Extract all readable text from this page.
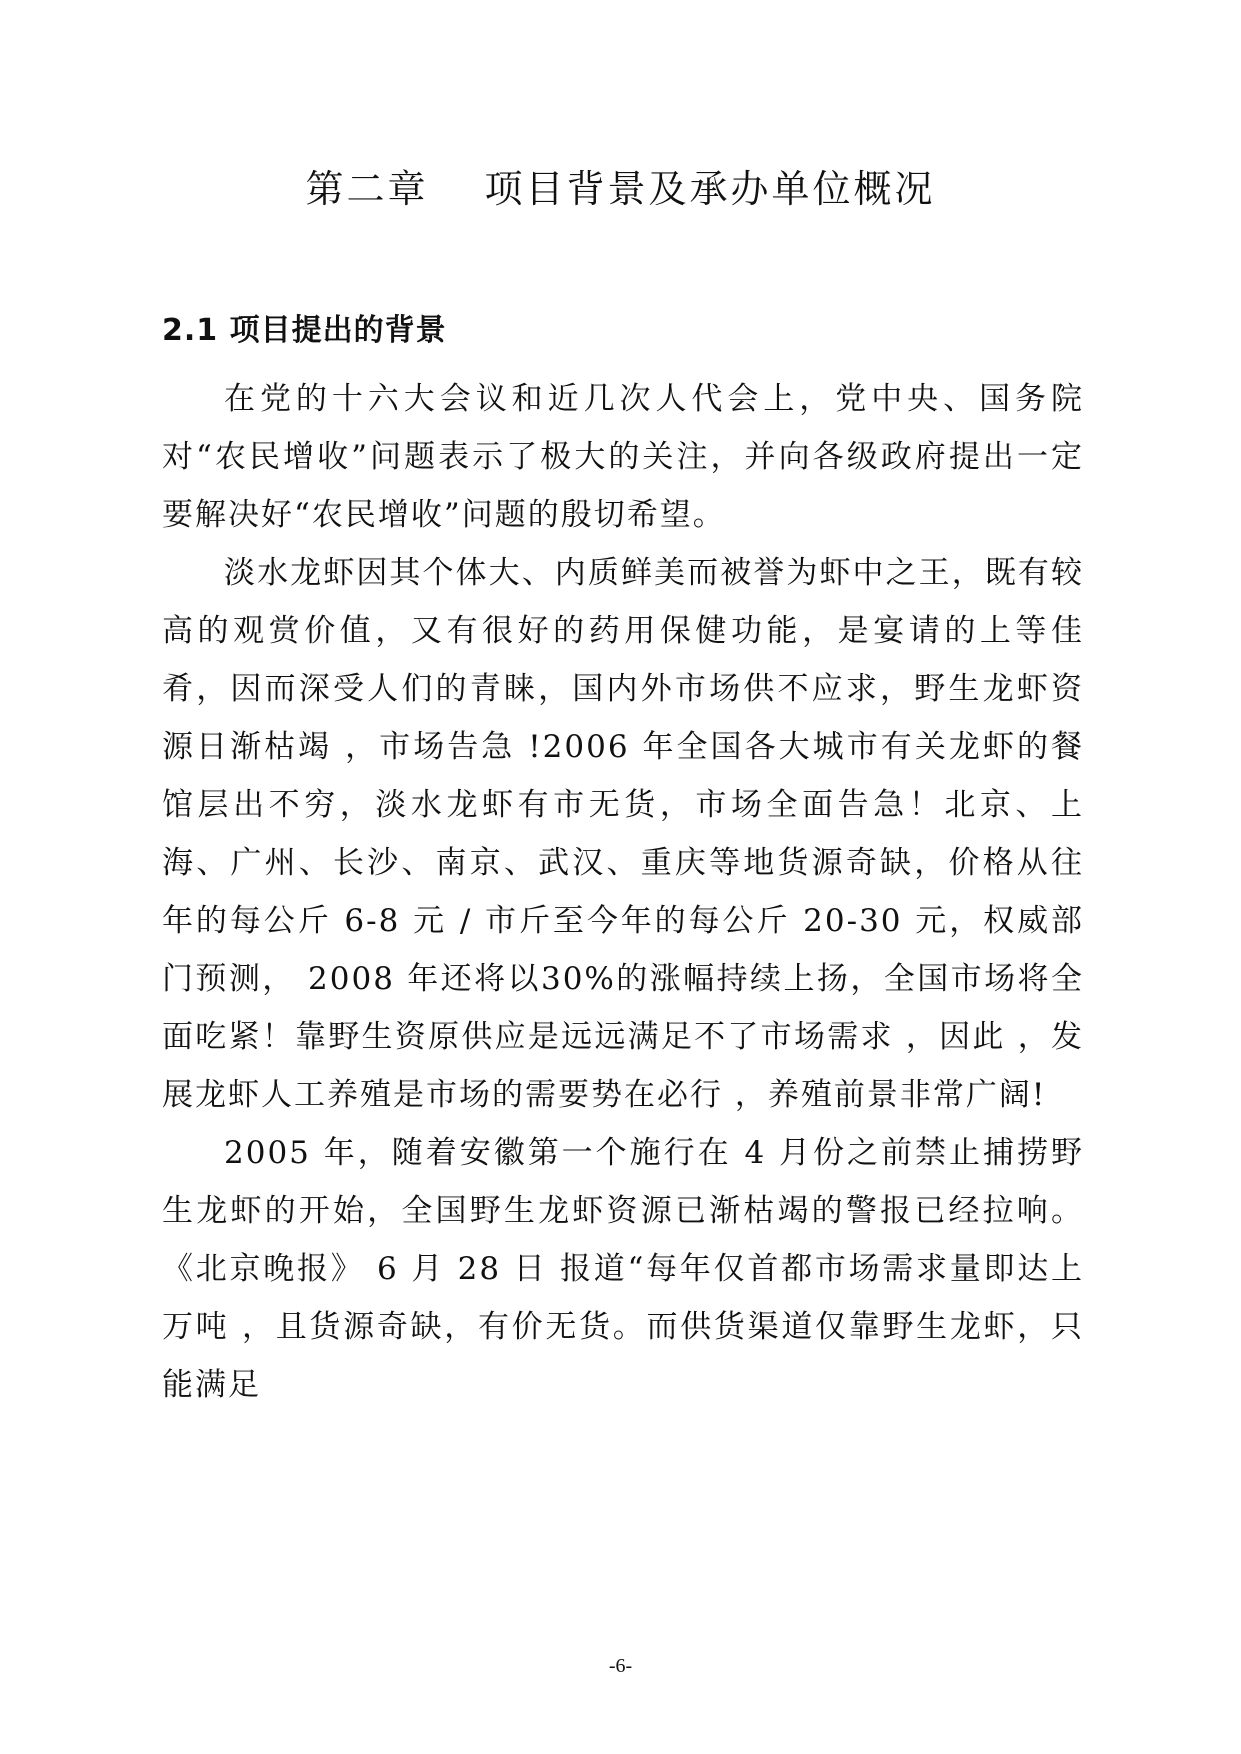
第二章　 项目背景及承办单位概况
2.1 项目提出的背景

在党的十六大会议和近几次人代会上，党中央、国务院对“农民增收”问题表示了极大的关注，并向各级政府提出一定要解决好“农民增收”问题的殷切希望。

淡水龙虾因其个体大、内质鲜美而被誉为虾中之王，既有较高的观赏价值，又有很好的药用保健功能，是宴请的上等佳肴，因而深受人们的青睐，国内外市场供不应求，野生龙虾资源日渐枯竭 ，市场告急 !2006 年全国各大城市有关龙虾的餐馆层出不穷，淡水龙虾有市无货，市场全面告急！北京、上海、广州、长沙、南京、武汉、重庆等地货源奇缺，价格从往年的每公斤 6-8 元 / 市斤至今年的每公斤 20-30 元，权威部门预测， 2008 年还将以30%的涨幅持续上扬，全国市场将全面吃紧！靠野生资原供应是远远满足不了市场需求 ，因此 ，发展龙虾人工养殖是市场的需要势在必行 ，养殖前景非常广阔!

2005 年，随着安徽第一个施行在 4 月份之前禁止捕捞野生龙虾的开始，全国野生龙虾资源已渐枯竭的警报已经拉响。《北京晚报》 6 月 28 日 报道“每年仅首都市场需求量即达上万吨 ，且货源奇缺，有价无货。而供货渠道仅靠野生龙虾，只能满足

-6-
